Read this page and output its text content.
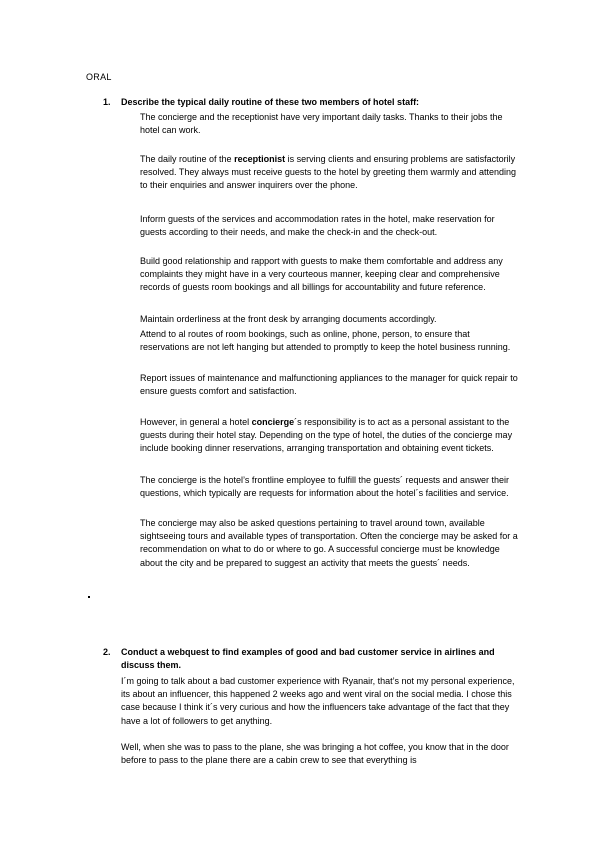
ORAL
1. Describe the typical daily routine of these two members of hotel staff:
The concierge and the receptionist have very important daily tasks. Thanks to their jobs the hotel can work.
The daily routine of the receptionist is serving clients and ensuring problems are satisfactorily resolved. They always must receive guests to the hotel by greeting them warmly and attending to their enquiries and answer inquirers over the phone.
Inform guests of the services and accommodation rates in the hotel, make reservation for guests according to their needs, and make the check-in and the check-out.
Build good relationship and rapport with guests to make them comfortable and address any complaints they might have in a very courteous manner, keeping clear and comprehensive records of guests room bookings and all billings for accountability and future reference.
Maintain orderliness at the front desk by arranging documents accordingly.
Attend to al routes of room bookings, such as online, phone, person, to ensure that reservations are not left hanging but attended to promptly to keep the hotel business running.
Report issues of maintenance and malfunctioning appliances to the manager for quick repair to ensure guests comfort and satisfaction.
However, in general a hotel concierge´s responsibility is to act as a personal assistant to the guests during their hotel stay. Depending on the type of hotel, the duties of the concierge may include booking dinner reservations, arranging transportation and obtaining event tickets.
The concierge is the hotel’s frontline employee to fulfill the guests´ requests and answer their questions, which typically are requests for information about the hotel´s facilities and service.
The concierge may also be asked questions pertaining to travel around town, available sightseeing tours and available types of transportation. Often the concierge may be asked for a recommendation on what to do or where to go. A successful concierge must be knowledge about the city and be prepared to suggest an activity that meets the guests´ needs.
2. Conduct a webquest to find examples of good and bad customer service in airlines and discuss them.
I´m going to talk about a bad customer experience with Ryanair, that’s not my personal experience, its about an influencer, this happened 2 weeks ago and went viral on the social media. I chose this case because I think it´s very curious and how the influencers take advantage of the fact that they have a lot of followers to get anything.
Well, when she was to pass to the plane, she was bringing a hot coffee, you know that in the door before to pass to the plane there are a cabin crew to see that everything is
